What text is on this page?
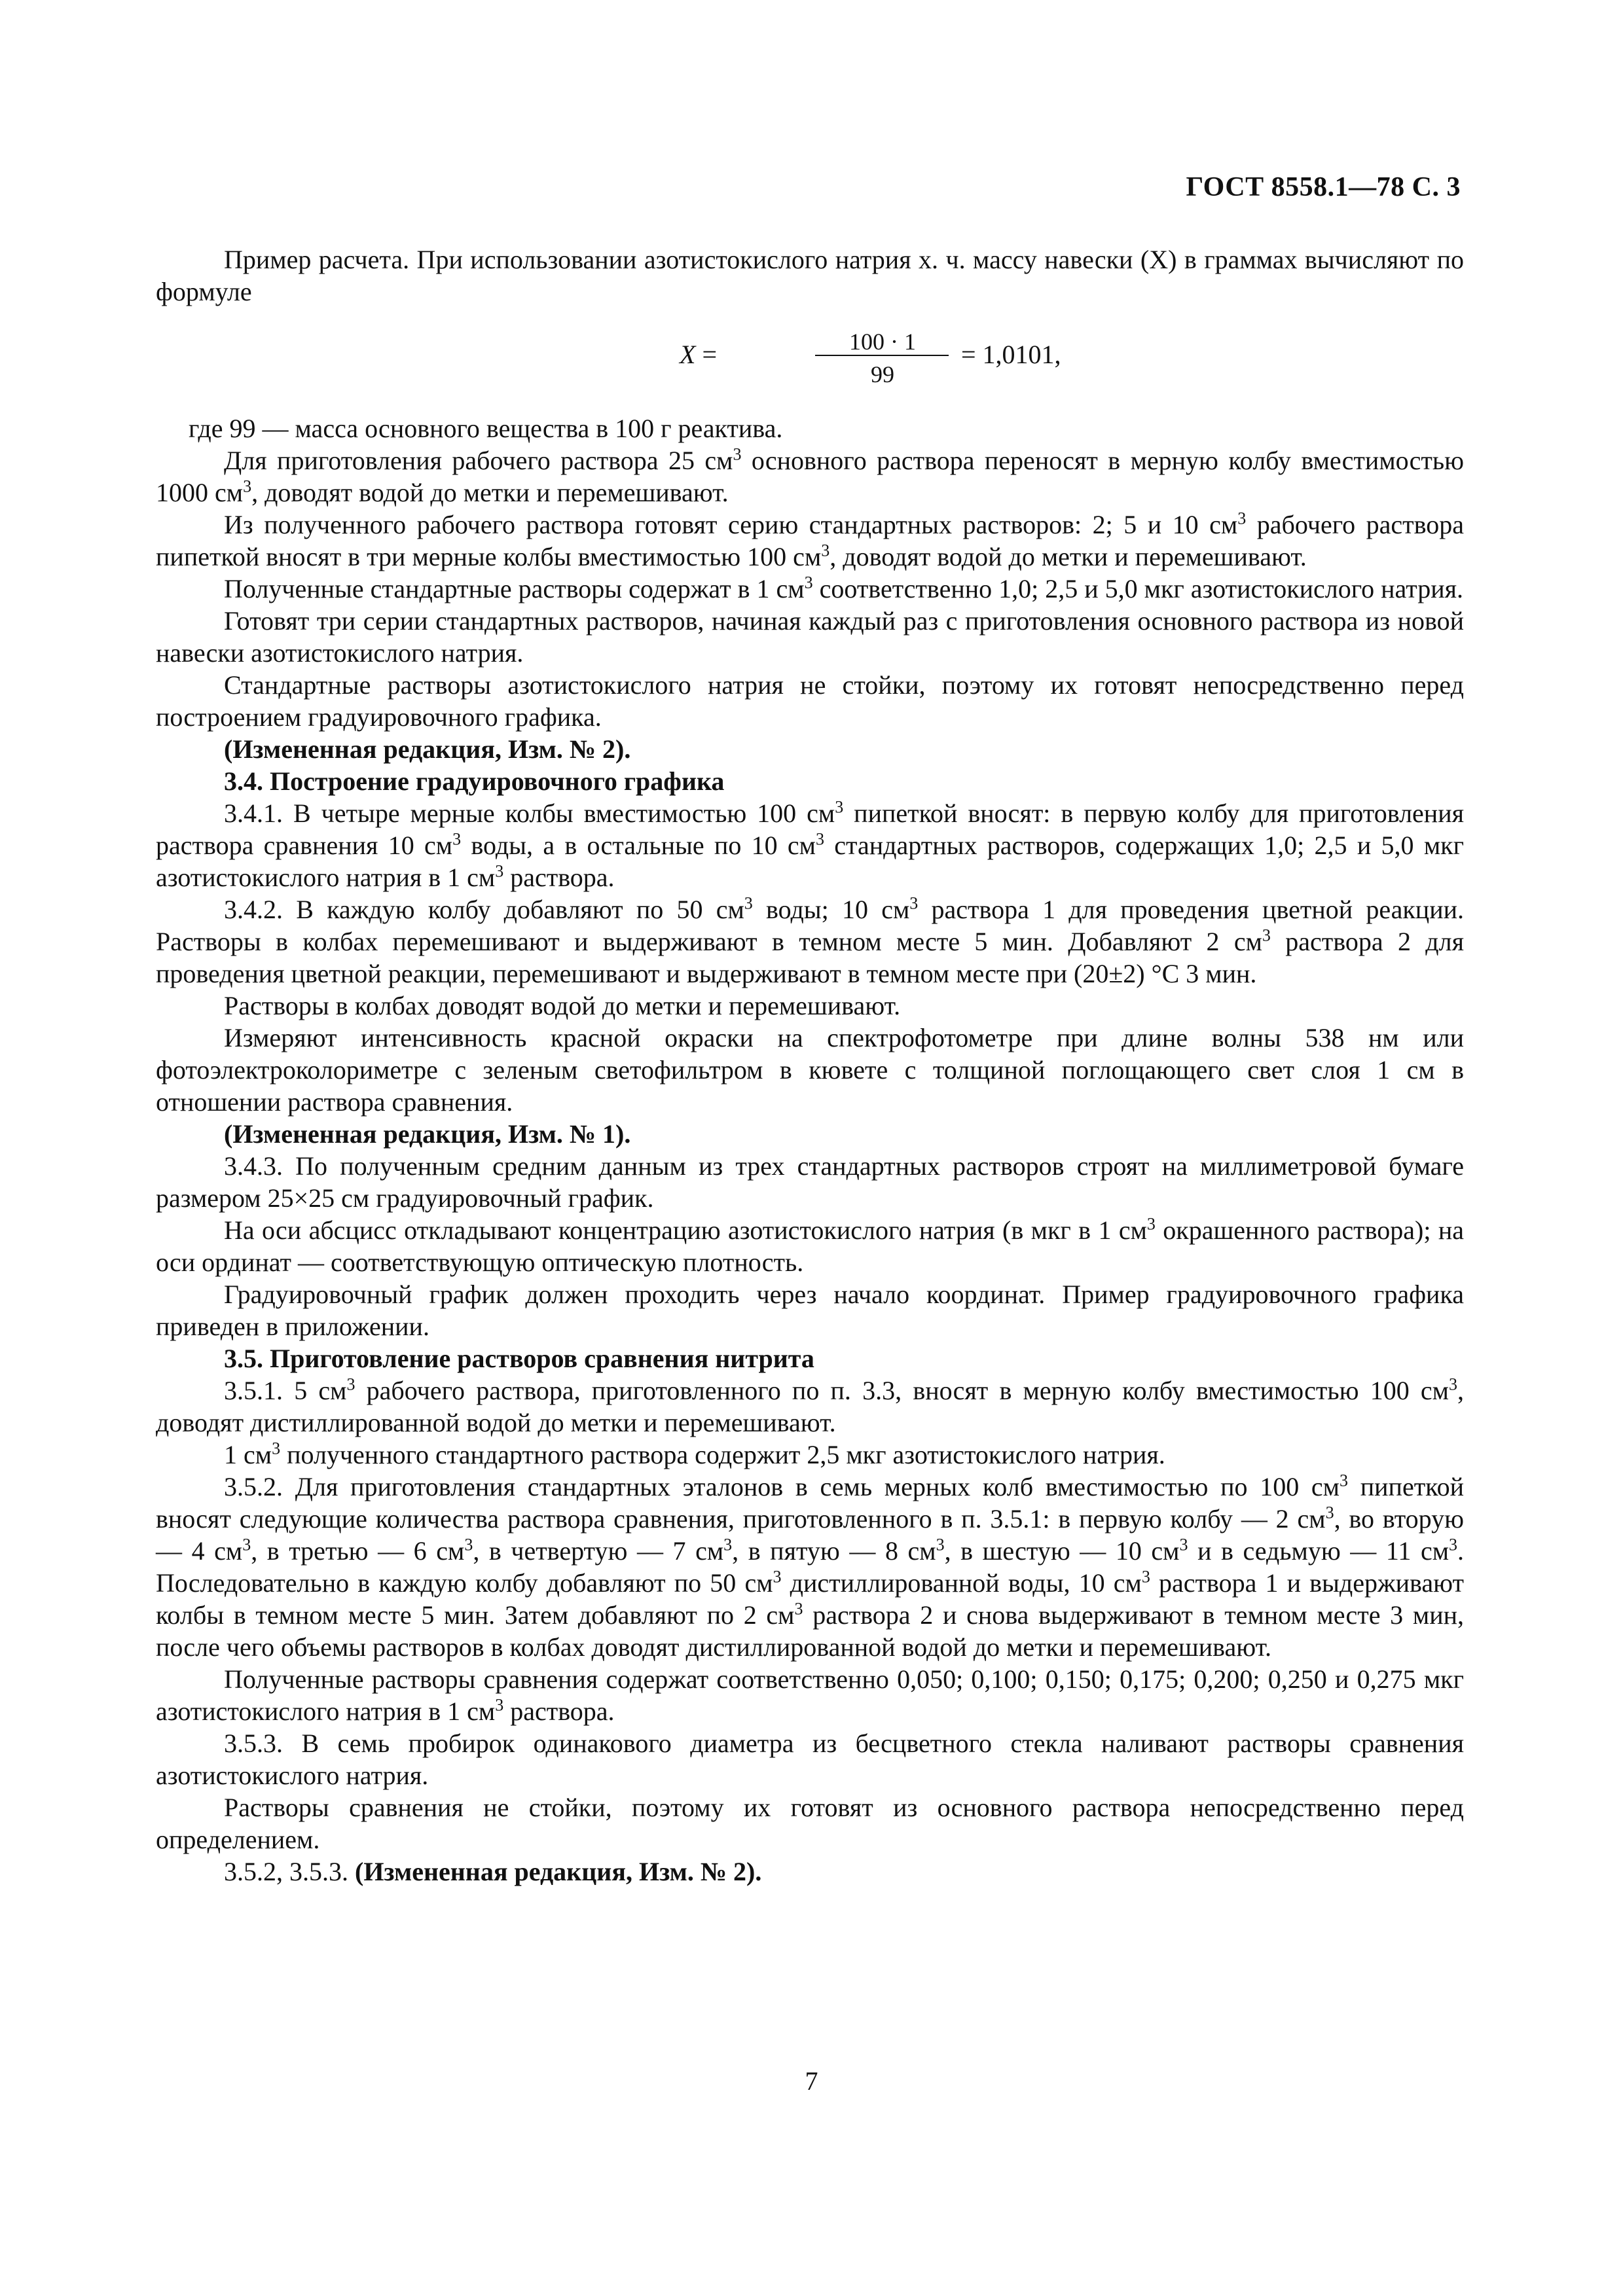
ГОСТ 8558.1—78 С. 3

Пример расчета. При использовании азотистокислого натрия х. ч. массу навески (X) в граммах вычисляют по формуле

X =	100 · 1
99
= 1,0101,

где 99 — масса основного вещества в 100 г реактива.

Для приготовления рабочего раствора 25 $см^3$ основного раствора переносят в мерную колбу вместимостью 1000 $см^3$, доводят водой до метки и перемешивают.

Из полученного рабочего раствора готовят серию стандартных растворов: 2; 5 и 10 $см^3$ рабочего раствора пипеткой вносят в три мерные колбы вместимостью 100 $см^3$, доводят водой до метки и перемешивают.

Полученные стандартные растворы содержат в 1 $см^3$ соответственно 1,0; 2,5 и 5,0 мкг азотистокислого натрия.

Готовят три серии стандартных растворов, начиная каждый раз с приготовления основного раствора из новой навески азотистокислого натрия.

Стандартные растворы азотистокислого натрия не стойки, поэтому их готовят непосредственно перед построением градуировочного графика.

(Измененная редакция, Изм. № 2).

3.4. Построение градуировочного графика

3.4.1. В четыре мерные колбы вместимостью 100 $см^3$ пипеткой вносят: в первую колбу для приготовления раствора сравнения 10 $см^3$ воды, а в остальные по 10 $см^3$ стандартных растворов, содержащих 1,0; 2,5 и 5,0 мкг азотистокислого натрия в 1 $см^3$ раствора.

3.4.2. В каждую колбу добавляют по 50 $см^3$ воды; 10 $см^3$ раствора 1 для проведения цветной реакции. Растворы в колбах перемешивают и выдерживают в темном месте 5 мин. Добавляют 2 $см^3$ раствора 2 для проведения цветной реакции, перемешивают и выдерживают в темном месте при (20±2) °С 3 мин.

Растворы в колбах доводят водой до метки и перемешивают.

Измеряют интенсивность красной окраски на спектрофотометре при длине волны 538 нм или фотоэлектроколориметре с зеленым светофильтром в кювете с толщиной поглощающего свет слоя 1 см в отношении раствора сравнения.

(Измененная редакция, Изм. № 1).

3.4.3. По полученным средним данным из трех стандартных растворов строят на миллиметровой бумаге размером 25×25 см градуировочный график.

На оси абсцисс откладывают концентрацию азотистокислого натрия (в мкг в 1 $см^3$ окрашенного раствора); на оси ординат — соответствующую оптическую плотность.

Градуировочный график должен проходить через начало координат. Пример градуировочного графика приведен в приложении.

3.5. Приготовление растворов сравнения нитрита

3.5.1. 5 $см^3$ рабочего раствора, приготовленного по п. 3.3, вносят в мерную колбу вместимостью 100 $см^3$, доводят дистиллированной водой до метки и перемешивают.

1 $см^3$ полученного стандартного раствора содержит 2,5 мкг азотистокислого натрия.

3.5.2. Для приготовления стандартных эталонов в семь мерных колб вместимостью по 100 $см^3$ пипеткой вносят следующие количества раствора сравнения, приготовленного в п. 3.5.1: в первую колбу — 2 $см^3$, во вторую — 4 $см^3$, в третью — 6 $см^3$, в четвертую — 7 $см^3$, в пятую — 8 $см^3$, в шестую — 10 $см^3$ и в седьмую — 11 $см^3$. Последовательно в каждую колбу добавляют по 50 $см^3$ дистиллированной воды, 10 $см^3$ раствора 1 и выдерживают колбы в темном месте 5 мин. Затем добавляют по 2 $см^3$ раствора 2 и снова выдерживают в темном месте 3 мин, после чего объемы растворов в колбах доводят дистиллированной водой до метки и перемешивают.

Полученные растворы сравнения содержат соответственно 0,050; 0,100; 0,150; 0,175; 0,200; 0,250 и 0,275 мкг азотистокислого натрия в 1 $см^3$ раствора.

3.5.3. В семь пробирок одинакового диаметра из бесцветного стекла наливают растворы сравнения азотистокислого натрия.

Растворы сравнения не стойки, поэтому их готовят из основного раствора непосредственно перед определением.

3.5.2, 3.5.3. (Измененная редакция, Изм. № 2).

7
